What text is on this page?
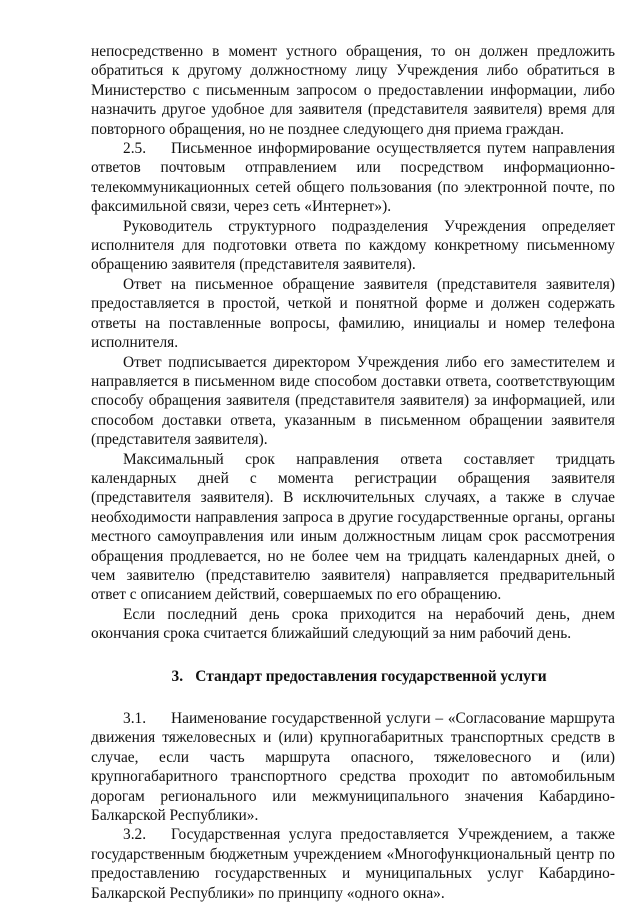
непосредственно в момент устного обращения, то он должен предложить обратиться к другому должностному лицу Учреждения либо обратиться в Министерство с письменным запросом о предоставлении информации, либо назначить другое удобное для заявителя (представителя заявителя) время для повторного обращения, но не позднее следующего дня приема граждан.

2.5. Письменное информирование осуществляется путем направления ответов почтовым отправлением или посредством информационно-телекоммуникационных сетей общего пользования (по электронной почте, по факсимильной связи, через сеть «Интернет»).

Руководитель структурного подразделения Учреждения определяет исполнителя для подготовки ответа по каждому конкретному письменному обращению заявителя (представителя заявителя).

Ответ на письменное обращение заявителя (представителя заявителя) предоставляется в простой, четкой и понятной форме и должен содержать ответы на поставленные вопросы, фамилию, инициалы и номер телефона исполнителя.

Ответ подписывается директором Учреждения либо его заместителем и направляется в письменном виде способом доставки ответа, соответствующим способу обращения заявителя (представителя заявителя) за информацией, или способом доставки ответа, указанным в письменном обращении заявителя (представителя заявителя).

Максимальный срок направления ответа составляет тридцать календарных дней с момента регистрации обращения заявителя (представителя заявителя). В исключительных случаях, а также в случае необходимости направления запроса в другие государственные органы, органы местного самоуправления или иным должностным лицам срок рассмотрения обращения продлевается, но не более чем на тридцать календарных дней, о чем заявителю (представителю заявителя) направляется предварительный ответ с описанием действий, совершаемых по его обращению.

Если последний день срока приходится на нерабочий день, днем окончания срока считается ближайший следующий за ним рабочий день.

3. Стандарт предоставления государственной услуги

3.1. Наименование государственной услуги – «Согласование маршрута движения тяжеловесных и (или) крупногабаритных транспортных средств в случае, если часть маршрута опасного, тяжеловесного и (или) крупногабаритного транспортного средства проходит по автомобильным дорогам регионального или межмуниципального значения Кабардино-Балкарской Республики».

3.2. Государственная услуга предоставляется Учреждением, а также государственным бюджетным учреждением «Многофункциональный центр по предоставлению государственных и муниципальных услуг Кабардино-Балкарской Республики» по принципу «одного окна».
